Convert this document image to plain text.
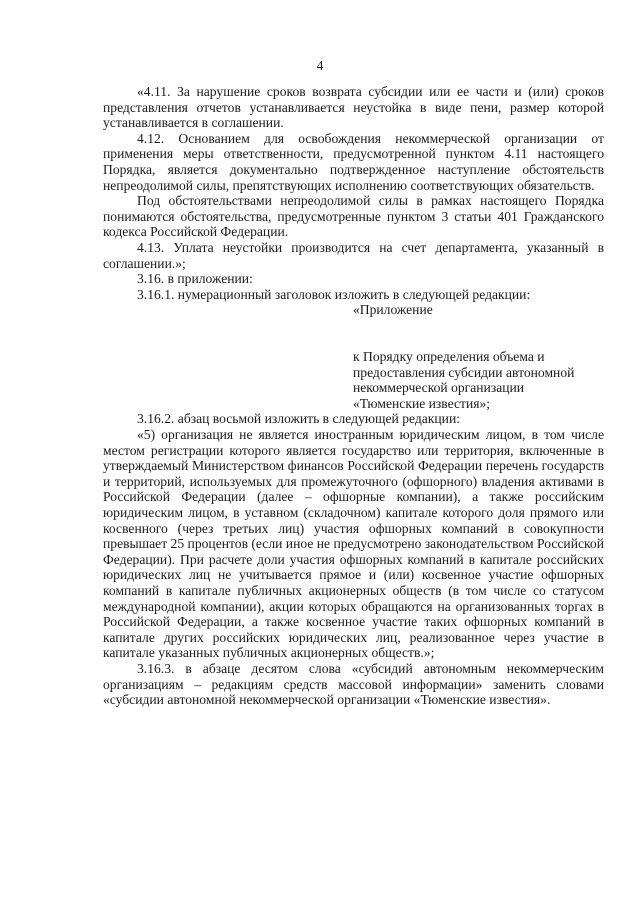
4

«4.11. За нарушение сроков возврата субсидии или ее части и (или) сроков представления отчетов устанавливается неустойка в виде пени, размер которой устанавливается в соглашении.

4.12. Основанием для освобождения некоммерческой организации от применения меры ответственности, предусмотренной пунктом 4.11 настоящего Порядка, является документально подтвержденное наступление обстоятельств непреодолимой силы, препятствующих исполнению соответствующих обязательств.

Под обстоятельствами непреодолимой силы в рамках настоящего Порядка понимаются обстоятельства, предусмотренные пунктом 3 статьи 401 Гражданского кодекса Российской Федерации.

4.13. Уплата неустойки производится на счет департамента, указанный в соглашении.»;

3.16. в приложении:

3.16.1. нумерационный заголовок изложить в следующей редакции:

«Приложение
к Порядку определения объема и
предоставления субсидии автономной
некоммерческой организации
«Тюменские известия»;

3.16.2. абзац восьмой изложить в следующей редакции:

«5) организация не является иностранным юридическим лицом, в том числе местом регистрации которого является государство или территория, включенные в утверждаемый Министерством финансов Российской Федерации перечень государств и территорий, используемых для промежуточного (офшорного) владения активами в Российской Федерации (далее – офшорные компании), а также российским юридическим лицом, в уставном (складочном) капитале которого доля прямого или косвенного (через третьих лиц) участия офшорных компаний в совокупности превышает 25 процентов (если иное не предусмотрено законодательством Российской Федерации). При расчете доли участия офшорных компаний в капитале российских юридических лиц не учитывается прямое и (или) косвенное участие офшорных компаний в капитале публичных акционерных обществ (в том числе со статусом международной компании), акции которых обращаются на организованных торгах в Российской Федерации, а также косвенное участие таких офшорных компаний в капитале других российских юридических лиц, реализованное через участие в капитале указанных публичных акционерных обществ.»;

3.16.3. в абзаце десятом слова «субсидий автономным некоммерческим организациям – редакциям средств массовой информации» заменить словами «субсидии автономной некоммерческой организации «Тюменские известия».
